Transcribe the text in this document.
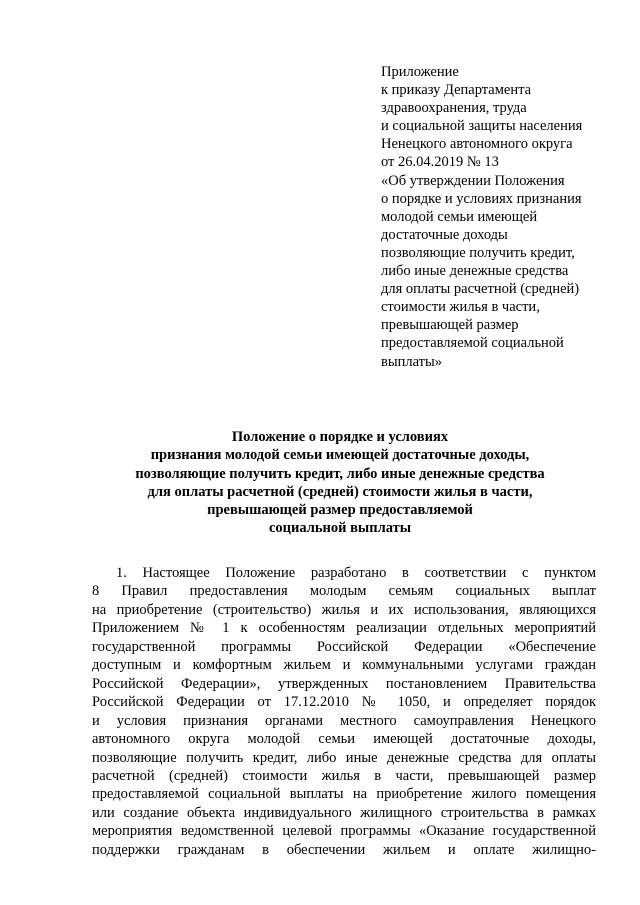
Приложение
к приказу Департамента
здравоохранения, труда
и социальной защиты населения
Ненецкого автономного округа
от 26.04.2019 № 13
«Об утверждении Положения
о порядке и условиях признания
молодой семьи имеющей
достаточные доходы
позволяющие получить кредит,
либо иные денежные средства
для оплаты расчетной (средней)
стоимости жилья в части,
превышающей размер
предоставляемой социальной
выплаты»
Положение о порядке и условиях
признания молодой семьи имеющей достаточные доходы,
позволяющие получить кредит, либо иные денежные средства
для оплаты расчетной (средней) стоимости жилья в части,
превышающей размер предоставляемой
социальной выплаты
1. Настоящее Положение разработано в соответствии с пунктом
8 Правил предоставления молодым семьям социальных выплат
на приобретение (строительство) жилья и их использования, являющихся
Приложением № 1 к особенностям реализации отдельных мероприятий
государственной программы Российской Федерации «Обеспечение
доступным и комфортным жильем и коммунальными услугами граждан
Российской Федерации», утвержденных постановлением Правительства
Российской Федерации от 17.12.2010 № 1050, и определяет порядок
и условия признания органами местного самоуправления Ненецкого
автономного округа молодой семьи имеющей достаточные доходы,
позволяющие получить кредит, либо иные денежные средства для оплаты
расчетной (средней) стоимости жилья в части, превышающей размер
предоставляемой социальной выплаты на приобретение жилого помещения
или создание объекта индивидуального жилищного строительства в рамках
мероприятия ведомственной целевой программы «Оказание государственной
поддержки гражданам в обеспечении жильем и оплате жилищно-
